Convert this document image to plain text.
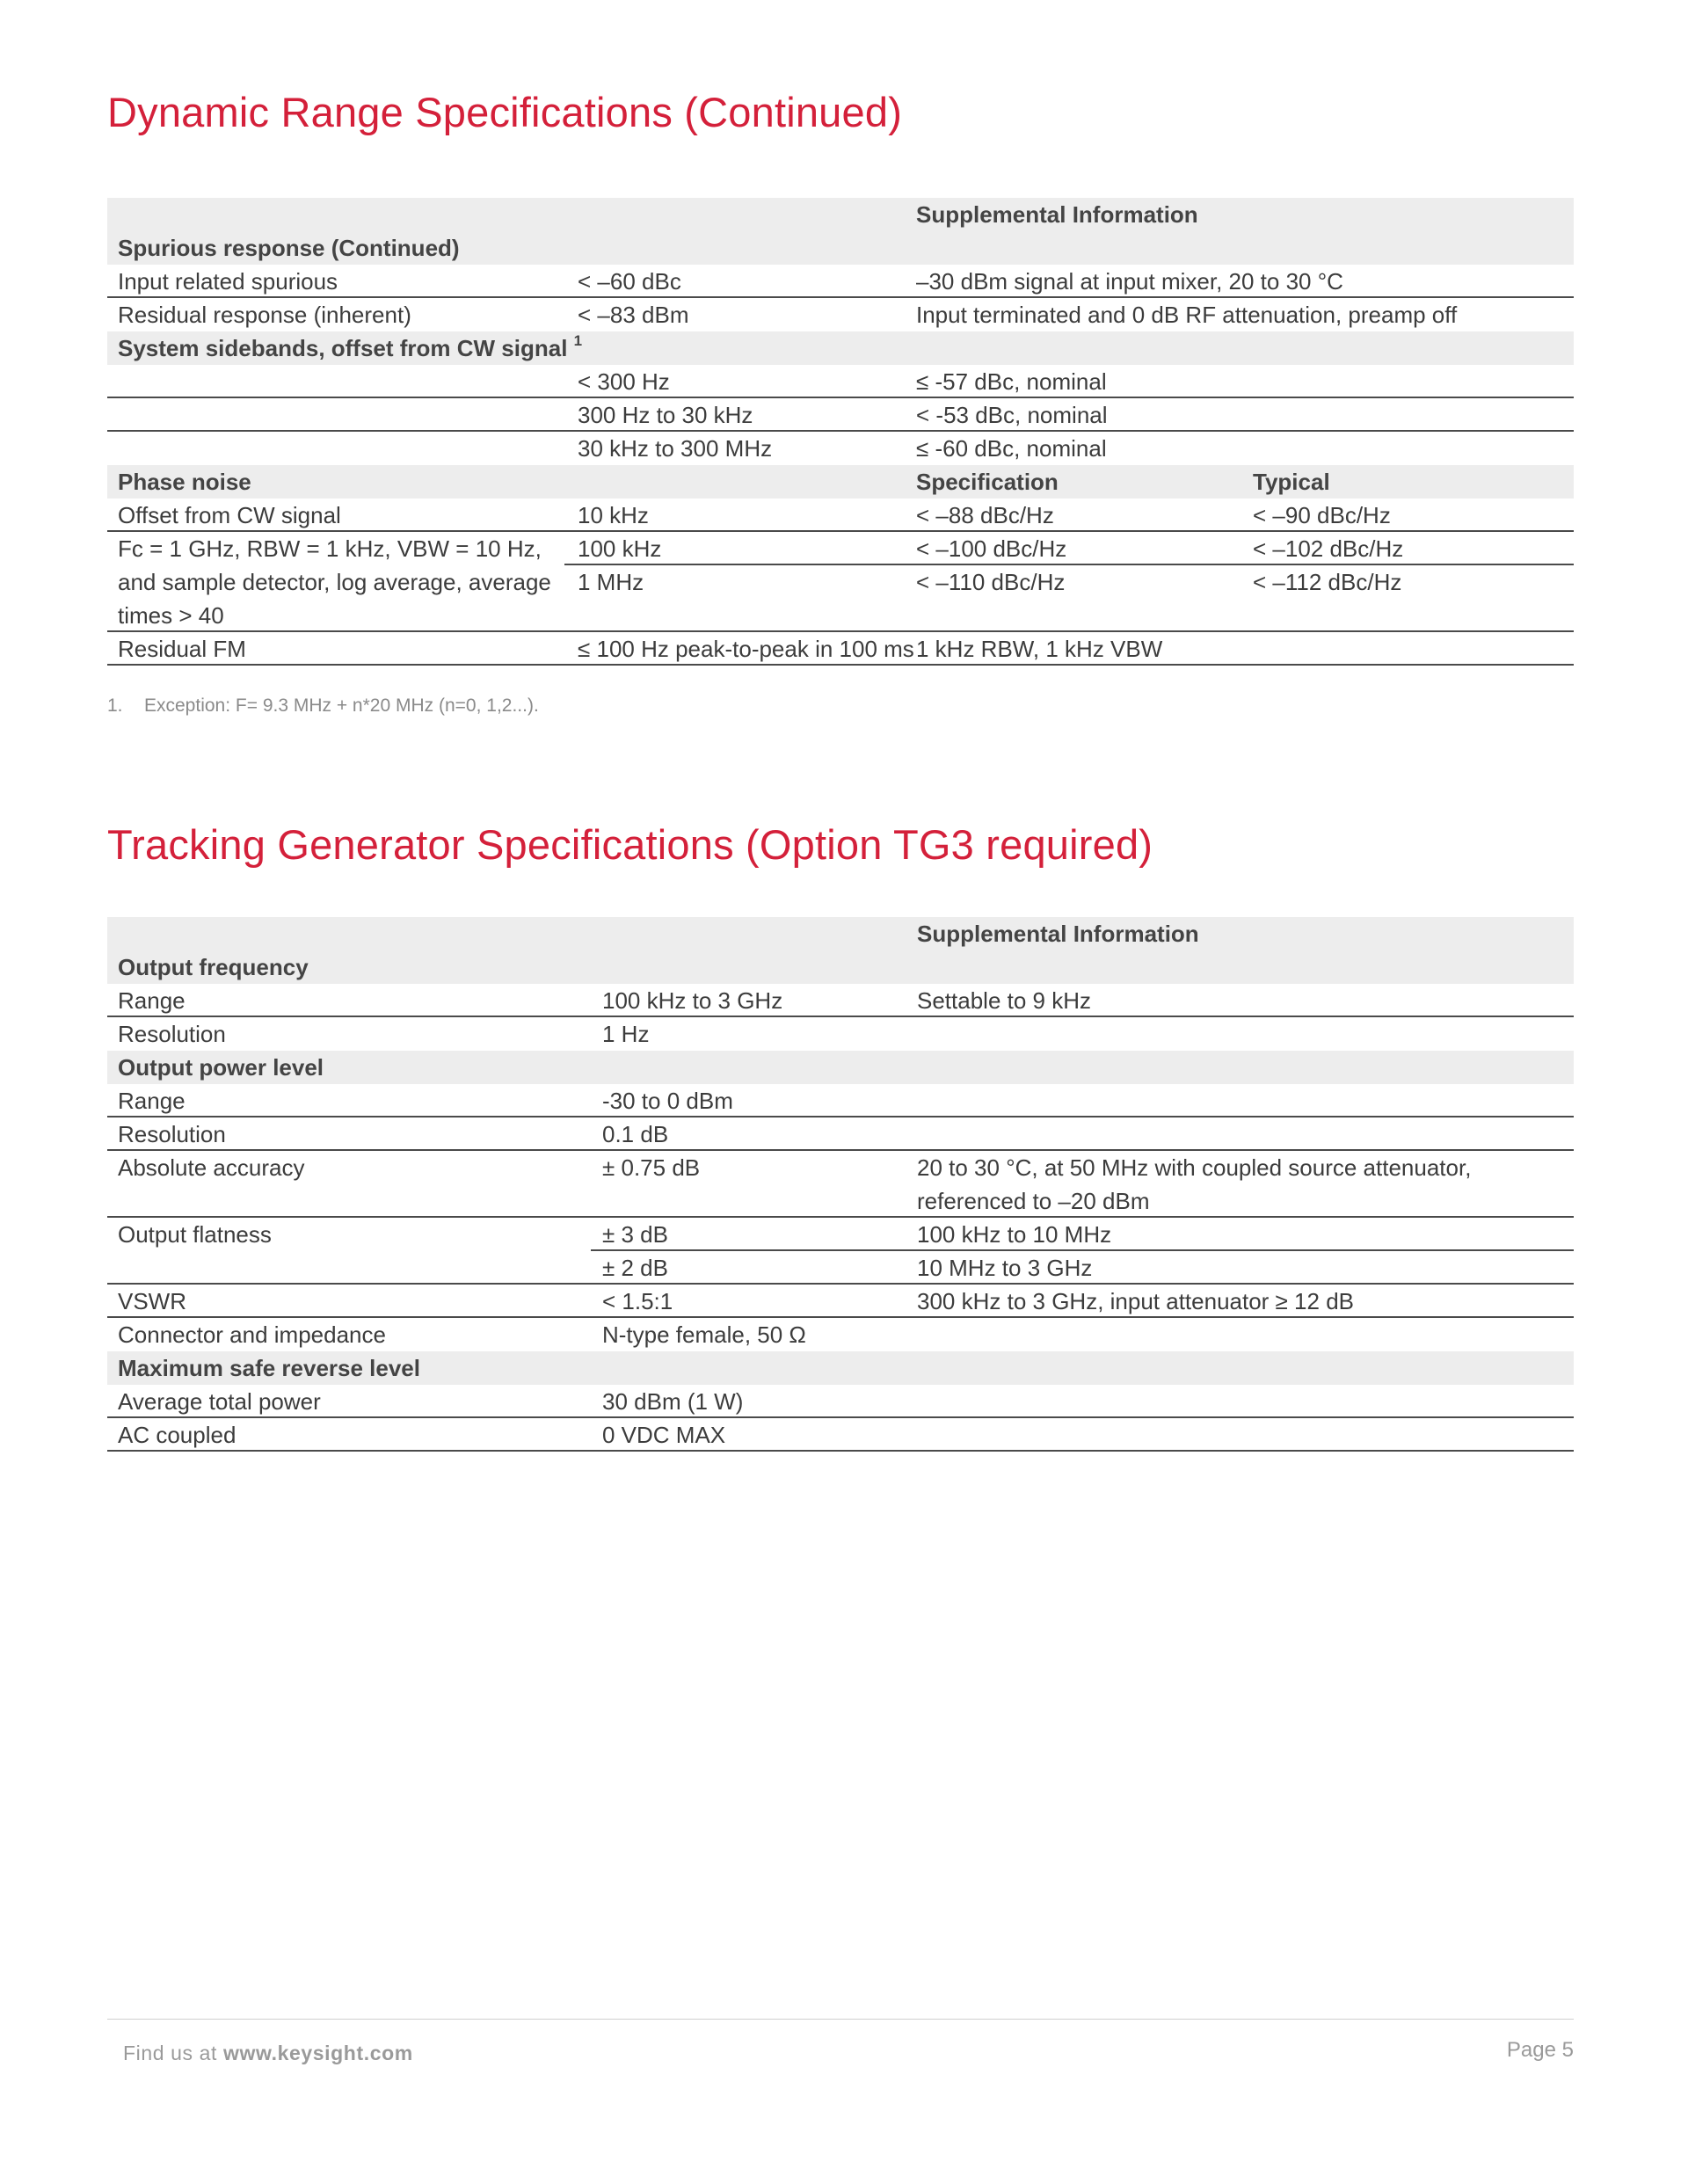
Dynamic Range Specifications (Continued)
Supplemental Information
Spurious response (Continued)
Input related spurious	< –60 dBc	–30 dBm signal at input mixer, 20 to 30 °C
Residual response (inherent)	< –83 dBm	Input terminated and 0 dB RF attenuation, preamp off
System sidebands, offset from CW signal $^1$
< 300 Hz	≤ -57 dBc, nominal
300 Hz to 30 kHz	< -53 dBc, nominal
30 kHz to 300 MHz	≤ -60 dBc, nominal
Phase noise	Specification	Typical
Offset from CW signal	10 kHz	< –88 dBc/Hz	< –90 dBc/Hz
Fc = 1 GHz, RBW = 1 kHz, VBW = 10 Hz, and sample detector, log average, average times > 40
100 kHz	< –100 dBc/Hz	< –102 dBc/Hz
1 MHz	< –110 dBc/Hz	< –112 dBc/Hz
Residual FM	≤ 100 Hz peak-to-peak in 100 ms 1 kHz RBW, 1 kHz VBW
1. Exception: F= 9.3 MHz + n*20 MHz (n=0, 1,2...).
Tracking Generator Specifications (Option TG3 required)
Supplemental Information
Output frequency
Range	100 kHz to 3 GHz	Settable to 9 kHz
Resolution	1 Hz
Output power level
Range	-30 to 0 dBm
Resolution	0.1 dB
Absolute accuracy	± 0.75 dB	20 to 30 °C, at 50 MHz with coupled source attenuator, referenced to –20 dBm
Output flatness	± 3 dB	100 kHz to 10 MHz
± 2 dB	10 MHz to 3 GHz
VSWR	< 1.5:1	300 kHz to 3 GHz, input attenuator ≥ 12 dB
Connector and impedance	N-type female, 50 Ω
Maximum safe reverse level
Average total power	30 dBm (1 W)
AC coupled	0 VDC MAX
Find us at www.keysight.com	Page 5
